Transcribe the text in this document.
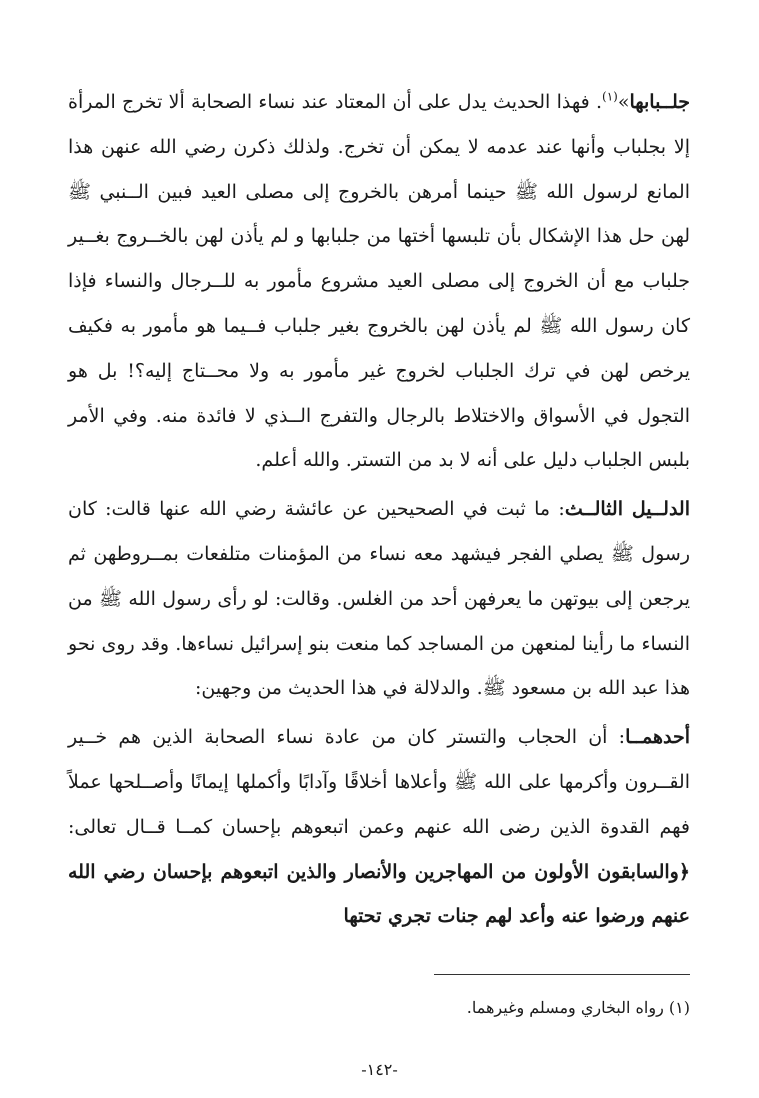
جلــبابها»$^{(١)}$. فهذا الحديث يدل على أن المعتاد عند نساء الصحابة ألا تخرج المرأة إلا بجلباب وأنها عند عدمه لا يمكن أن تخرج. ولذلك ذكرن رضي الله عنهن هذا المانع لرسول الله ﷺ حينما أمرهن بالخروج إلى مصلى العيد فبين الــنبي ﷺ لهن حل هذا الإشكال بأن تلبسها أختها من جلبابها و لم يأذن لهن بالخــروج بغــير جلباب مع أن الخروج إلى مصلى العيد مشروع مأمور به للــرجال والنساء فإذا كان رسول الله ﷺ لم يأذن لهن بالخروج بغير جلباب فــيما هو مأمور به فكيف يرخص لهن في ترك الجلباب لخروج غير مأمور به ولا محــتاج إليه؟! بل هو التجول في الأسواق والاختلاط بالرجال والتفرج الــذي لا فائدة منه. وفي الأمر بلبس الجلباب دليل على أنه لا بد من التستر. والله أعلم.

الدلــيل الثالــث: ما ثبت في الصحيحين عن عائشة رضي الله عنها قالت: كان رسول ﷺ يصلي الفجر فيشهد معه نساء من المؤمنات متلفعات بمــروطهن ثم يرجعن إلى بيوتهن ما يعرفهن أحد من الغلس. وقالت: لو رأى رسول الله ﷺ من النساء ما رأينا لمنعهن من المساجد كما منعت بنو إسرائيل نساءها. وقد روى نحو هذا عبد الله بن مسعود ﷺ. والدلالة في هذا الحديث من وجهين:

أحدهمــا: أن الحجاب والتستر كان من عادة نساء الصحابة الذين هم خــير القــرون وأكرمها على الله ﷺ وأعلاها أخلاقًا وآدابًا وأكملها إيمانًا وأصــلحها عملاً فهم القدوة الذين رضى الله عنهم وعمن اتبعوهم بإحسان كمــا قــال تعالى: ﴿والسابقون الأولون من المهاجرين والأنصار والذين اتبعوهم بإحسان رضي الله عنهم ورضوا عنه وأعد لهم جنات تجري تحتها

(١) رواه البخاري ومسلم وغيرهما.

-١٤٢-
